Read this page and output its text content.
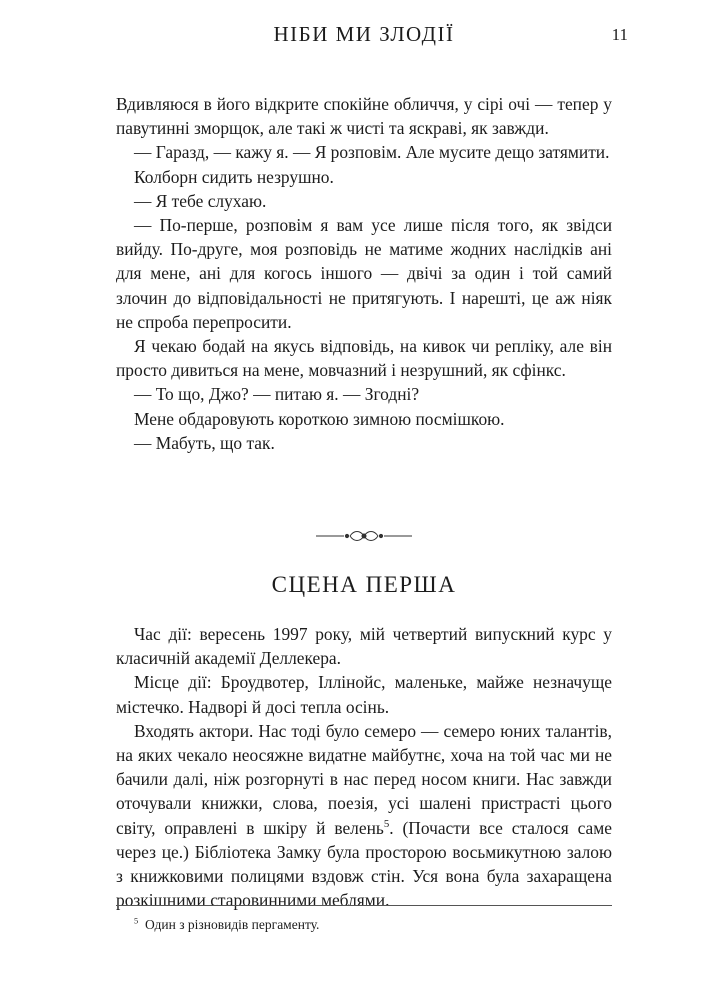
НІБИ МИ ЗЛОДІЇ	11

Вдивляюся в його відкрите спокійне обличчя, у сірі очі — тепер у павутинні зморщок, але такі ж чисті та яскраві, як завжди.

— Гаразд, — кажу я. — Я розповім. Але мусите дещо затямити.

Колборн сидить незрушно.

— Я тебе слухаю.

— По-перше, розповім я вам усе лише після того, як звідси вийду. По-друге, моя розповідь не матиме жодних наслідків ані для мене, ані для когось іншого — двічі за один і той самий злочин до відповідальності не притягують. І нарешті, це аж ніяк не спроба перепросити.

Я чекаю бодай на якусь відповідь, на кивок чи репліку, але він просто дивиться на мене, мовчазний і незрушний, як сфінкс.

— То що, Джо? — питаю я. — Згодні?

Мене обдаровують короткою зимною посмішкою.

— Мабуть, що так.

СЦЕНА ПЕРША

Час дії: вересень 1997 року, мій четвертий випускний курс у класичній академії Деллекера.

Місце дії: Броудвотер, Іллінойс, маленьке, майже незначуще містечко. Надворі й досі тепла осінь.

Входять актори. Нас тоді було семеро — семеро юних талантів, на яких чекало неосяжне видатне майбутнє, хоча на той час ми не бачили далі, ніж розгорнуті в нас перед носом книги. Нас завжди оточували книжки, слова, поезія, усі шалені пристрасті цього світу, оправлені в шкіру й велень$^5$. (Почасти все сталося саме через це.) Бібліотека Замку була просторою восьмикутною залою з книжковими полицями вздовж стін. Уся вона була захаращена розкішними старовинними меблями.

$^5$ Один з різновидів пергаменту.
